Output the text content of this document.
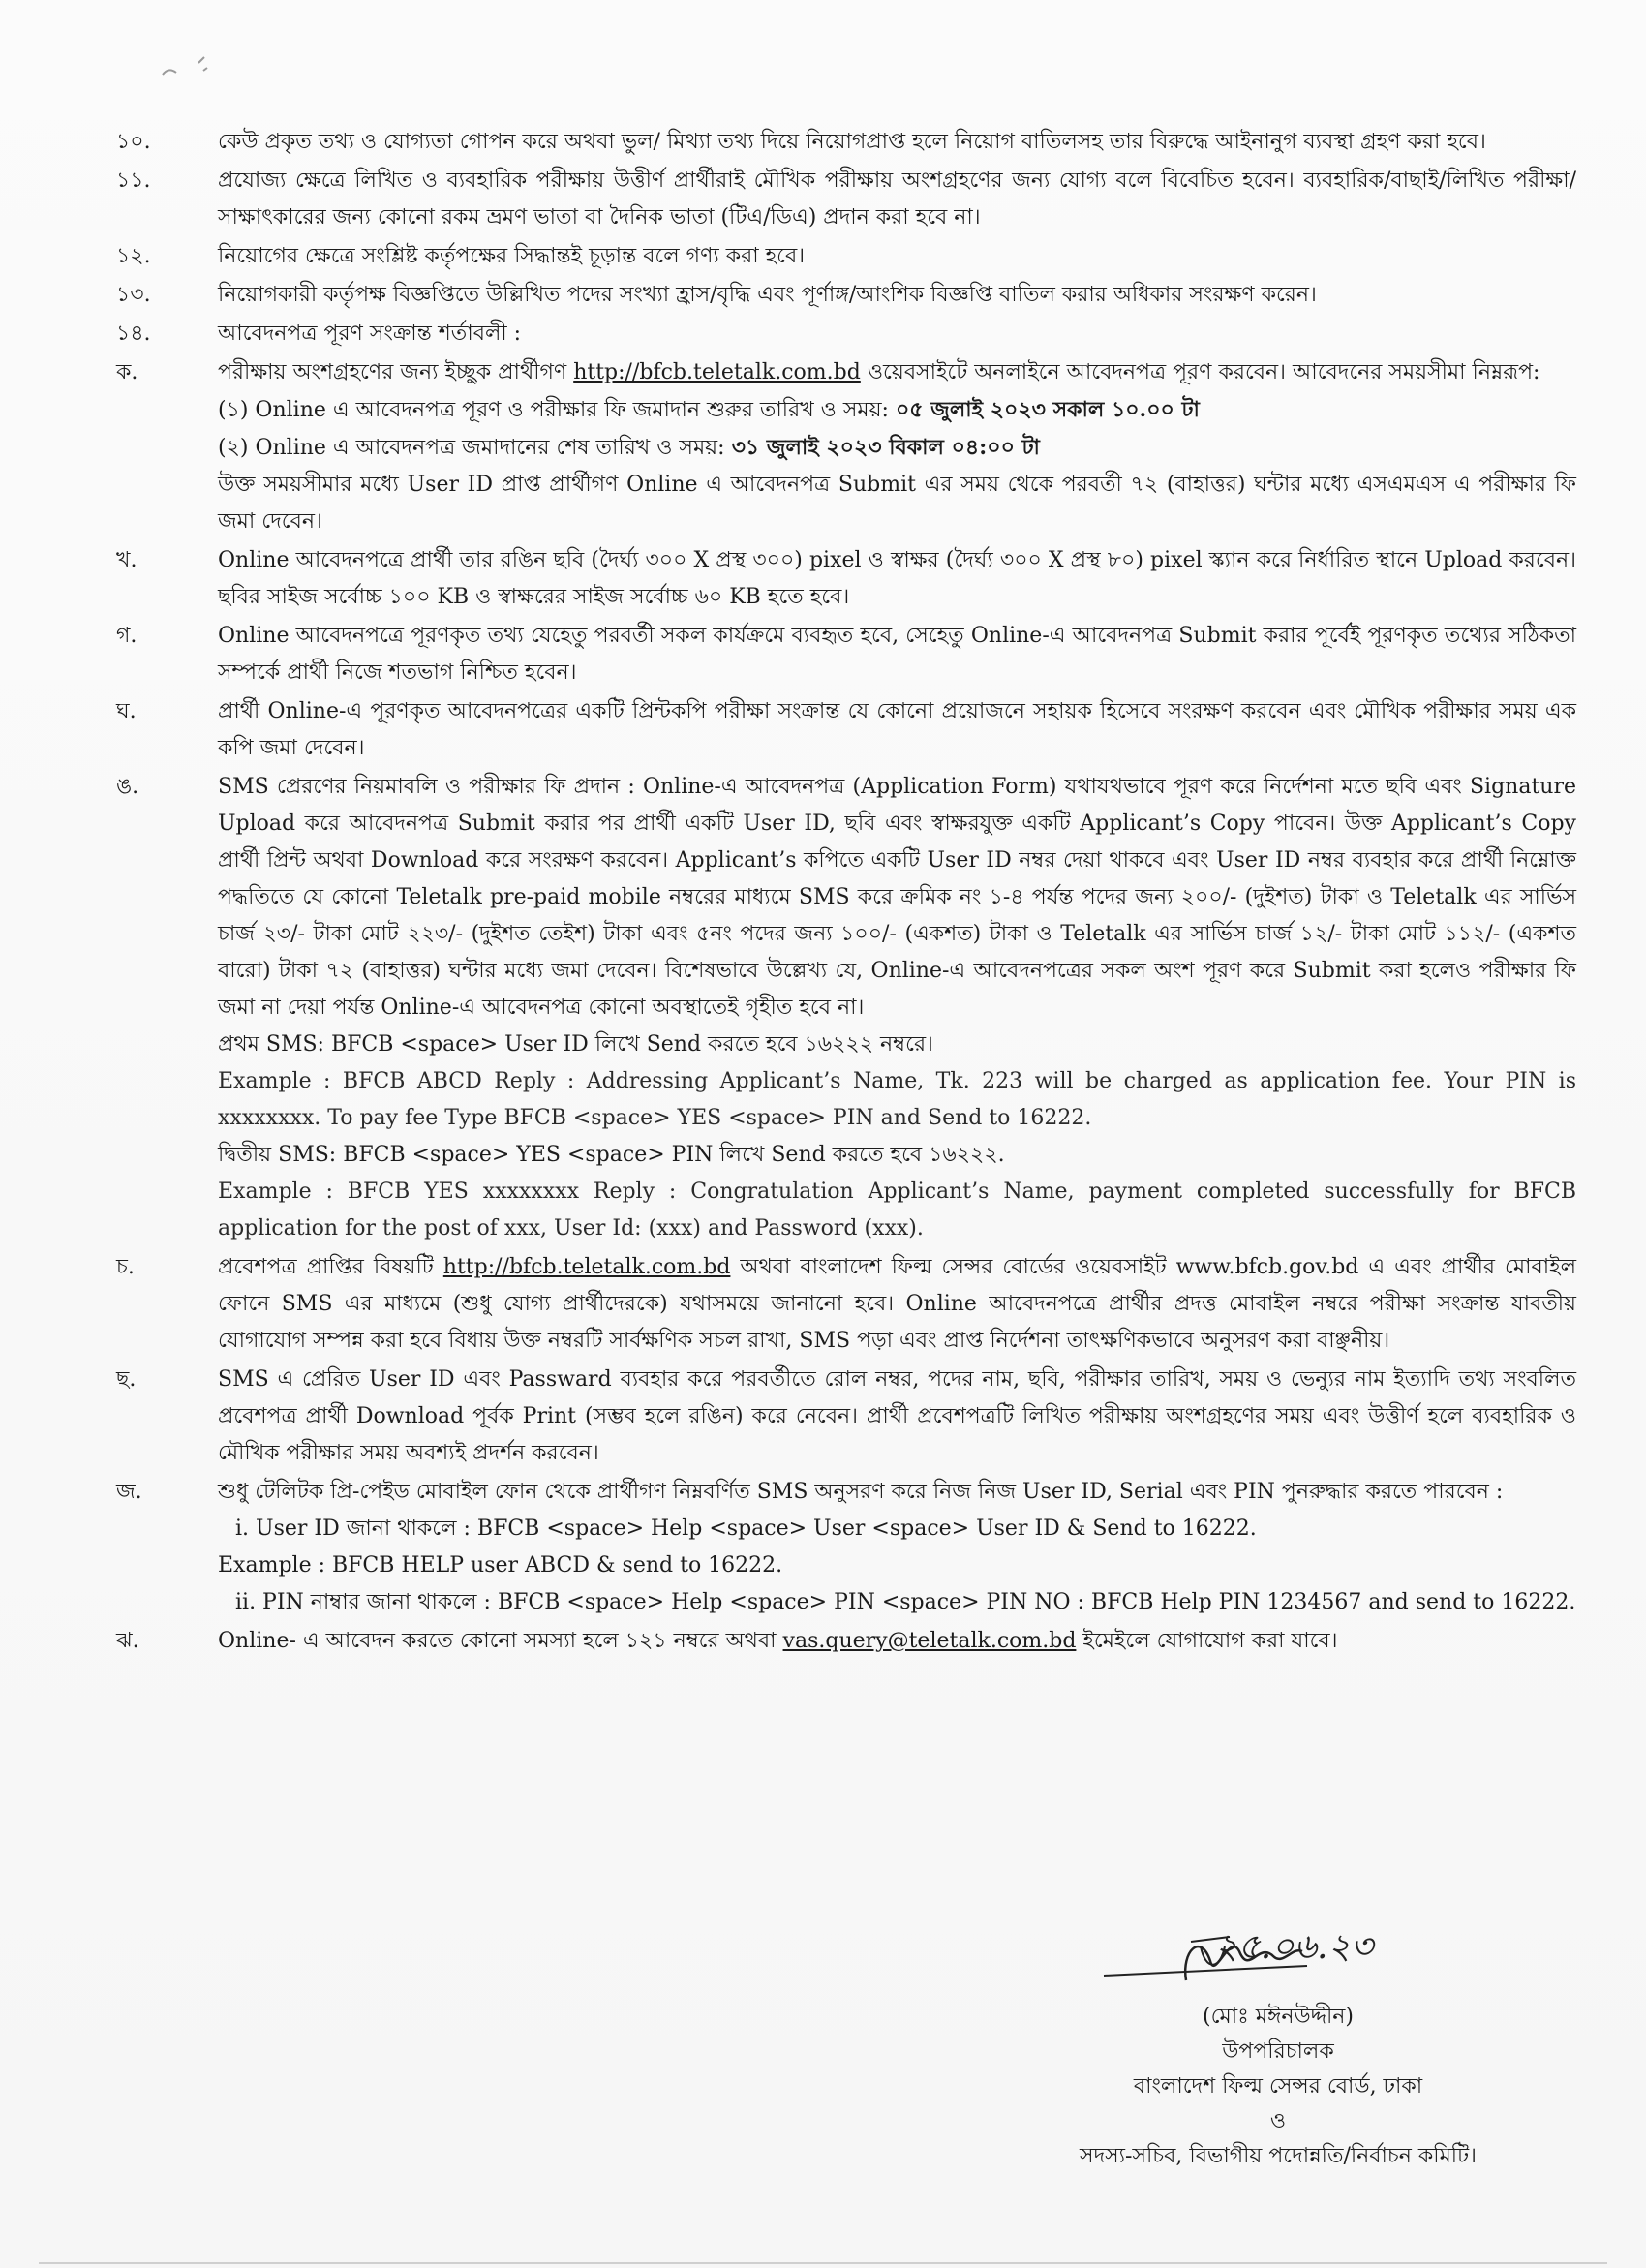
১০.	কেউ প্রকৃত তথ্য ও যোগ্যতা গোপন করে অথবা ভুল/ মিথ্যা তথ্য দিয়ে নিয়োগপ্রাপ্ত হলে নিয়োগ বাতিলসহ তার বিরুদ্ধে আইনানুগ ব্যবস্থা গ্রহণ করা হবে।
১১.	প্রযোজ্য ক্ষেত্রে লিখিত ও ব্যবহারিক পরীক্ষায় উত্তীর্ণ প্রার্থীরাই মৌখিক পরীক্ষায় অংশগ্রহণের জন্য যোগ্য বলে বিবেচিত হবেন। ব্যবহারিক/বাছাই/লিখিত পরীক্ষা/সাক্ষাৎকারের জন্য কোনো রকম ভ্রমণ ভাতা বা দৈনিক ভাতা (টিএ/ডিএ) প্রদান করা হবে না।
১২.	নিয়োগের ক্ষেত্রে সংশ্লিষ্ট কর্তৃপক্ষের সিদ্ধান্তই চূড়ান্ত বলে গণ্য করা হবে।
১৩.	নিয়োগকারী কর্তৃপক্ষ বিজ্ঞপ্তিতে উল্লিখিত পদের সংখ্যা হ্রাস/বৃদ্ধি এবং পূর্ণাঙ্গ/আংশিক বিজ্ঞপ্তি বাতিল করার অধিকার সংরক্ষণ করেন।
১৪.	আবেদনপত্র পূরণ সংক্রান্ত শর্তাবলী :
ক.	পরীক্ষায় অংশগ্রহণের জন্য ইচ্ছুক প্রার্থীগণ http://bfcb.teletalk.com.bd ওয়েবসাইটে অনলাইনে আবেদনপত্র পূরণ করবেন। আবেদনের সময়সীমা নিম্নরূপ:
(১) Online এ আবেদনপত্র পূরণ ও পরীক্ষার ফি জমাদান শুরুর তারিখ ও সময়: ০৫ জুলাই ২০২৩ সকাল ১০.০০ টা
(২) Online এ আবেদনপত্র জমাদানের শেষ তারিখ ও সময়: ৩১ জুলাই ২০২৩ বিকাল ০৪:০০ টা
উক্ত সময়সীমার মধ্যে User ID প্রাপ্ত প্রার্থীগণ Online এ আবেদনপত্র Submit এর সময় থেকে পরবর্তী ৭২ (বাহাত্তর) ঘন্টার মধ্যে এসএমএস এ পরীক্ষার ফি জমা দেবেন।
খ.	Online আবেদনপত্রে প্রার্থী তার রঙিন ছবি (দৈর্ঘ্য ৩০০ X প্রস্থ ৩০০) pixel ও স্বাক্ষর (দৈর্ঘ্য ৩০০ X প্রস্থ ৮০) pixel স্ক্যান করে নির্ধারিত স্থানে Upload করবেন। ছবির সাইজ সর্বোচ্চ ১০০ KB ও স্বাক্ষরের সাইজ সর্বোচ্চ ৬০ KB হতে হবে।
গ.	Online আবেদনপত্রে পূরণকৃত তথ্য যেহেতু পরবর্তী সকল কার্যক্রমে ব্যবহৃত হবে, সেহেতু Online-এ আবেদনপত্র Submit করার পূর্বেই পূরণকৃত তথ্যের সঠিকতা সম্পর্কে প্রার্থী নিজে শতভাগ নিশ্চিত হবেন।
ঘ.	প্রার্থী Online-এ পূরণকৃত আবেদনপত্রের একটি প্রিন্টকপি পরীক্ষা সংক্রান্ত যে কোনো প্রয়োজনে সহায়ক হিসেবে সংরক্ষণ করবেন এবং মৌখিক পরীক্ষার সময় এক কপি জমা দেবেন।
ঙ.	SMS প্রেরণের নিয়মাবলি ও পরীক্ষার ফি প্রদান : Online-এ আবেদনপত্র (Application Form) যথাযথভাবে পূরণ করে নির্দেশনা মতে ছবি এবং Signature Upload করে আবেদনপত্র Submit করার পর প্রার্থী একটি User ID, ছবি এবং স্বাক্ষরযুক্ত একটি Applicant’s Copy পাবেন। উক্ত Applicant’s Copy প্রার্থী প্রিন্ট অথবা Download করে সংরক্ষণ করবেন। Applicant’s কপিতে একটি User ID নম্বর দেয়া থাকবে এবং User ID নম্বর ব্যবহার করে প্রার্থী নিম্নোক্ত পদ্ধতিতে যে কোনো Teletalk pre-paid mobile নম্বরের মাধ্যমে SMS করে ক্রমিক নং ১-৪ পর্যন্ত পদের জন্য ২০০/- (দুইশত) টাকা ও Teletalk এর সার্ভিস চার্জ ২৩/- টাকা মোট ২২৩/- (দুইশত তেইশ) টাকা এবং ৫নং পদের জন্য ১০০/- (একশত) টাকা ও Teletalk এর সার্ভিস চার্জ ১২/- টাকা মোট ১১২/- (একশত বারো) টাকা ৭২ (বাহাত্তর) ঘন্টার মধ্যে জমা দেবেন। বিশেষভাবে উল্লেখ্য যে, Online-এ আবেদনপত্রের সকল অংশ পূরণ করে Submit করা হলেও পরীক্ষার ফি জমা না দেয়া পর্যন্ত Online-এ আবেদনপত্র কোনো অবস্থাতেই গৃহীত হবে না।
প্রথম SMS: BFCB <space> User ID লিখে Send করতে হবে ১৬২২২ নম্বরে।
Example : BFCB ABCD Reply : Addressing Applicant’s Name, Tk. 223 will be charged as application fee. Your PIN is xxxxxxxx. To pay fee Type BFCB <space> YES <space> PIN and Send to 16222.
দ্বিতীয় SMS: BFCB <space> YES <space> PIN লিখে Send করতে হবে ১৬২২২.
Example : BFCB YES xxxxxxxx Reply : Congratulation Applicant’s Name, payment completed successfully for BFCB application for the post of xxx, User Id: (xxx) and Password (xxx).
চ.	প্রবেশপত্র প্রাপ্তির বিষয়টি http://bfcb.teletalk.com.bd অথবা বাংলাদেশ ফিল্ম সেন্সর বোর্ডের ওয়েবসাইট www.bfcb.gov.bd এ এবং প্রার্থীর মোবাইল ফোনে SMS এর মাধ্যমে (শুধু যোগ্য প্রার্থীদেরকে) যথাসময়ে জানানো হবে। Online আবেদনপত্রে প্রার্থীর প্রদত্ত মোবাইল নম্বরে পরীক্ষা সংক্রান্ত যাবতীয় যোগাযোগ সম্পন্ন করা হবে বিধায় উক্ত নম্বরটি সার্বক্ষণিক সচল রাখা, SMS পড়া এবং প্রাপ্ত নির্দেশনা তাৎক্ষণিকভাবে অনুসরণ করা বাঞ্ছনীয়।
ছ.	SMS এ প্রেরিত User ID এবং Passward ব্যবহার করে পরবর্তীতে রোল নম্বর, পদের নাম, ছবি, পরীক্ষার তারিখ, সময় ও ভেন্যুর নাম ইত্যাদি তথ্য সংবলিত প্রবেশপত্র প্রার্থী Download পূর্বক Print (সম্ভব হলে রঙিন) করে নেবেন। প্রার্থী প্রবেশপত্রটি লিখিত পরীক্ষায় অংশগ্রহণের সময় এবং উত্তীর্ণ হলে ব্যবহারিক ও মৌখিক পরীক্ষার সময় অবশ্যই প্রদর্শন করবেন।
জ.	শুধু টেলিটক প্রি-পেইড মোবাইল ফোন থেকে প্রার্থীগণ নিম্নবর্ণিত SMS অনুসরণ করে নিজ নিজ User ID, Serial এবং PIN পুনরুদ্ধার করতে পারবেন :
i. User ID জানা থাকলে : BFCB <space> Help <space> User <space> User ID & Send to 16222.
Example : BFCB HELP user ABCD & send to 16222.
ii. PIN নাম্বার জানা থাকলে : BFCB <space> Help <space> PIN <space> PIN NO : BFCB Help PIN 1234567 and send to 16222.
ঝ.	Online- এ আবেদন করতে কোনো সমস্যা হলে ১২১ নম্বরে অথবা vas.query@teletalk.com.bd ইমেইলে যোগাযোগ করা যাবে।
২৫.০৬.২৩
(মোঃ মঈনউদ্দীন)
উপপরিচালক
বাংলাদেশ ফিল্ম সেন্সর বোর্ড, ঢাকা
ও
সদস্য-সচিব, বিভাগীয় পদোন্নতি/নির্বাচন কমিটি।
